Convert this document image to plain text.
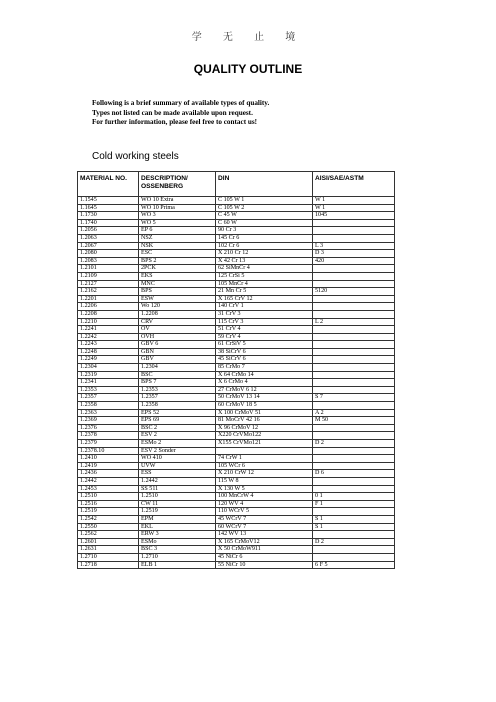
学 无 止 境
QUALITY OUTLINE
Following is a brief summary of available types of quality.
Types not listed can be made available upon request.
For further information, please feel free to contact us!
Cold working steels
MATERIAL NO.	DESCRIPTION/ OSSENBERG	DIN	AISI/SAE/ASTM
1.1545	WO 10 Extra	C 105 W 1	W 1
1.1645	WO 10 Prima	C 105 W 2	W 1
1.1730	WO 3	C 45 W	1045
1.1740	WO 5	C 60 W	
1.2056	EP 6	90 Cr 3	
1.2063	NSZ	145 Cr 6	
1.2067	NSK	102 Cr 6	L 3
1.2080	ESC	X 210 Cr 12	D 3
1.2083	BPS 2	X 42 Cr 13	420
1.2101	2PCK	62 SiMnCr 4	
1.2109	EKS	125 CrSi 5	
1.2127	MNC	105 MnCr 4	
1.2162	BPS	21 Mn Cr 5	5120
1.2201	ESW	X 165 CrV 12	
1.2206	Wo 120	140 CrV 1	
1.2208	1.2208	31 CrV 3	
1.2210	CRV	115 CrV 3	L 2
1.2241	OV	51 CrV 4	
1.2242	OVH	59 CrV 4	
1.2243	GBV 6	61 CrSiV 5	
1.2248	GBN	38 SiCrV 6	
1.2249	GBV	45 SiCrV 6	
1.2304	1.2304	85 CrMo 7	
1.2319	BSC	X 64 CrMo 14	
1.2341	BPS 7	X 6 CrMo 4	
1.2353	1.2353	27 CrMoV 6 12	
1.2357	1.2357	50 CrMoV 13 14	S 7
1.2358	1.2358	60 CrMoV 18 5	
1.2363	EPS 52	X 100 CrMoV 51	A 2
1.2369	EPS 69	81 MoCrV 42 16	M 50
1.2376	BSC 2	X 96 CrMoV 12	
1.2378	ESV 2	X220 CrVMo122	
1.2379	ESMo 2	X155 CrVMo121	D 2
1.2378.10	ESV 2 Sonder		
1.2410	WO 410	74 CrW 1	
1.2419	UVW	105 WCr 6	
1.2436	ESS	X 210 CrW 12	D 6
1.2442	1.2442	115 W 8	
1.2453	SS 511	X 130 W 5	
1.2510	1.2510	100 MnCrW 4	0 1
1.2516	CW 11	120 WV 4	F 1
1.2519	1.2519	110 WCrV 5	
1.2542	EPM	45 WCrV 7	S 1
1.2550	EKL	60 WCrV 7	S 1
1.2562	ERW 3	142 WV 13	
1.2601	ESMo	X 165 CrMoV12	D 2
1.2631	BSC 3	X 50 CrMoW911	
1.2710	1.2710	45 NiCr 6	
1.2718	ELB 1	55 NiCr 10	6 F 5
